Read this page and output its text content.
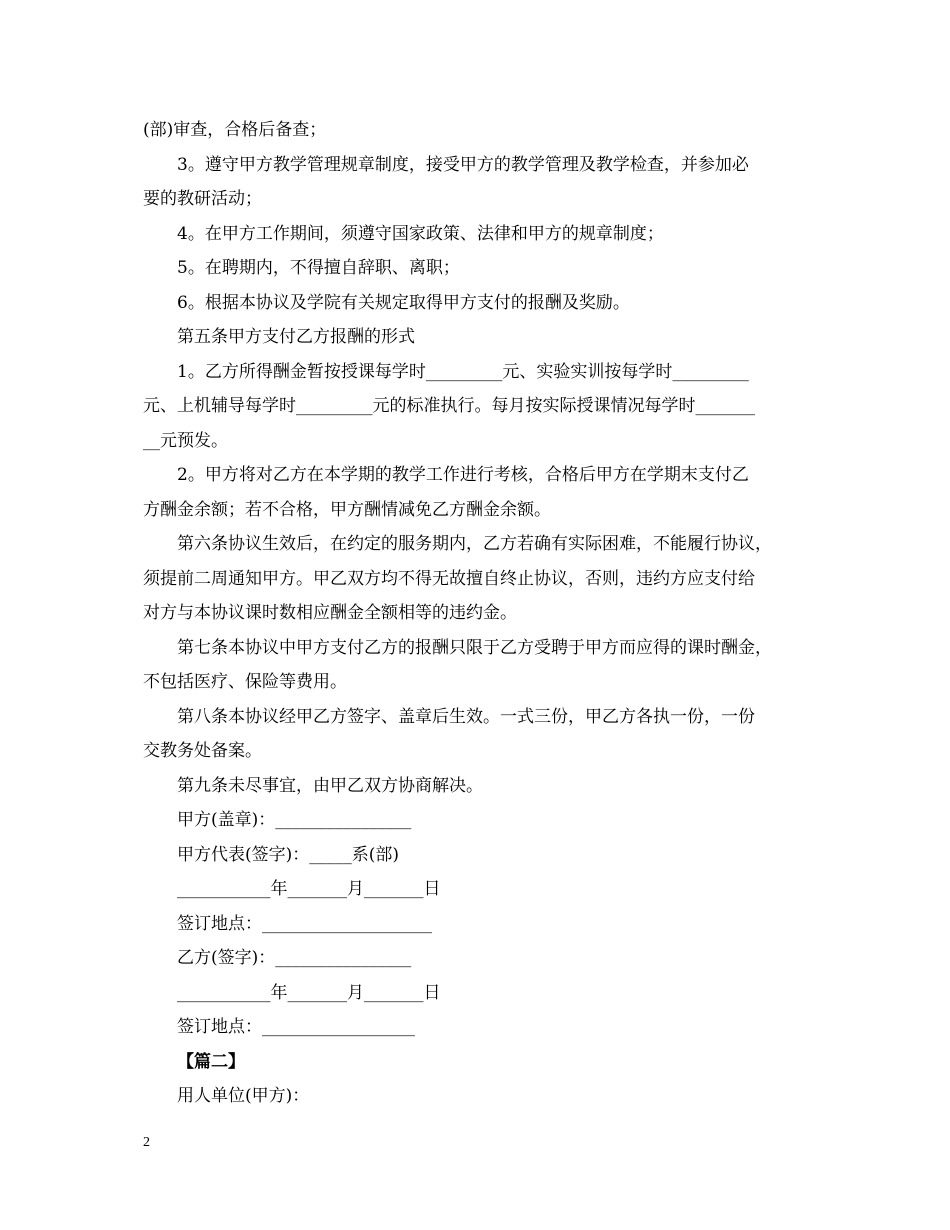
(部)审查，合格后备查；
3。遵守甲方教学管理规章制度，接受甲方的教学管理及教学检查，并参加必
要的教研活动；
4。在甲方工作期间，须遵守国家政策、法律和甲方的规章制度；
5。在聘期内，不得擅自辞职、离职；
6。根据本协议及学院有关规定取得甲方支付的报酬及奖励。
第五条甲方支付乙方报酬的形式
1。乙方所得酬金暂按授课每学时_________元、实验实训按每学时_________
元、上机辅导每学时_________元的标准执行。每月按实际授课情况每学时_______
__元预发。
2。甲方将对乙方在本学期的教学工作进行考核，合格后甲方在学期末支付乙
方酬金余额；若不合格，甲方酬情减免乙方酬金余额。
第六条协议生效后，在约定的服务期内，乙方若确有实际困难，不能履行协议，
须提前二周通知甲方。甲乙双方均不得无故擅自终止协议，否则，违约方应支付给
对方与本协议课时数相应酬金全额相等的违约金。
第七条本协议中甲方支付乙方的报酬只限于乙方受聘于甲方而应得的课时酬金，
不包括医疗、保险等费用。
第八条本协议经甲乙方签字、盖章后生效。一式三份，甲乙方各执一份，一份
交教务处备案。
第九条未尽事宜，由甲乙双方协商解决。
甲方(盖章)：________________
甲方代表(签字)：_____系(部)
___________年_______月_______日
签订地点：____________________
乙方(签字)：________________
___________年_______月_______日
签订地点：__________________
【篇二】
用人单位(甲方)：
2
